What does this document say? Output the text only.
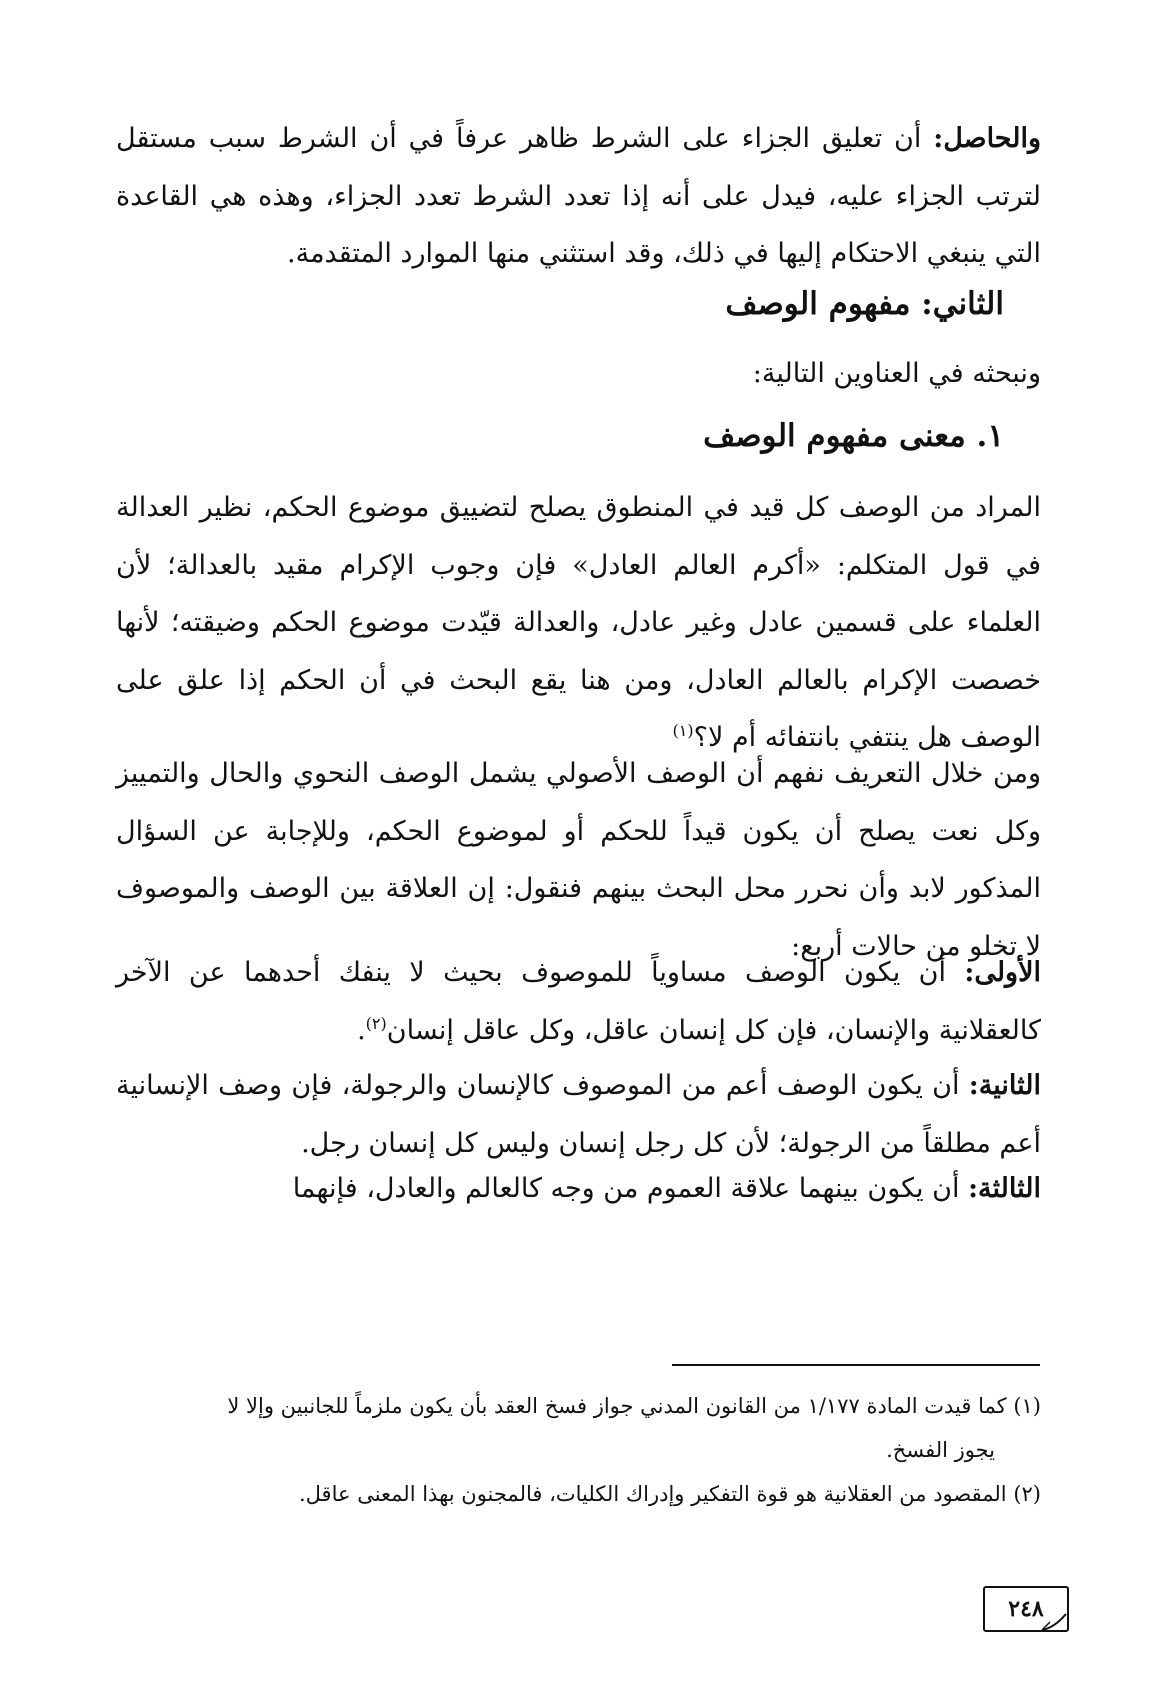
والحاصل: أن تعليق الجزاء على الشرط ظاهر عرفاً في أن الشرط سبب مستقل لترتب الجزاء عليه، فيدل على أنه إذا تعدد الشرط تعدد الجزاء، وهذه هي القاعدة التي ينبغي الاحتكام إليها في ذلك، وقد استثني منها الموارد المتقدمة.
الثاني: مفهوم الوصف
ونبحثه في العناوين التالية:
١. معنى مفهوم الوصف
المراد من الوصف كل قيد في المنطوق يصلح لتضييق موضوع الحكم، نظير العدالة في قول المتكلم: «أكرم العالم العادل» فإن وجوب الإكرام مقيد بالعدالة؛ لأن العلماء على قسمين عادل وغير عادل، والعدالة قيّدت موضوع الحكم وضيقته؛ لأنها خصصت الإكرام بالعالم العادل، ومن هنا يقع البحث في أن الحكم إذا علق على الوصف هل ينتفي بانتفائه أم لا؟$^{(١)}$
ومن خلال التعريف نفهم أن الوصف الأصولي يشمل الوصف النحوي والحال والتمييز وكل نعت يصلح أن يكون قيداً للحكم أو لموضوع الحكم، وللإجابة عن السؤال المذكور لابد وأن نحرر محل البحث بينهم فنقول: إن العلاقة بين الوصف والموصوف لا تخلو من حالات أربع:
الأولى: أن يكون الوصف مساوياً للموصوف بحيث لا ينفك أحدهما عن الآخر كالعقلانية والإنسان، فإن كل إنسان عاقل، وكل عاقل إنسان$^{(٢)}$.
الثانية: أن يكون الوصف أعم من الموصوف كالإنسان والرجولة، فإن وصف الإنسانية أعم مطلقاً من الرجولة؛ لأن كل رجل إنسان وليس كل إنسان رجل.
الثالثة: أن يكون بينهما علاقة العموم من وجه كالعالم والعادل، فإنهما
(١) كما قيدت المادة ١/١٧٧ من القانون المدني جواز فسخ العقد بأن يكون ملزماً للجانبين وإلا لا
يجوز الفسخ.
(٢) المقصود من العقلانية هو قوة التفكير وإدراك الكليات، فالمجنون بهذا المعنى عاقل.
٢٤٨
